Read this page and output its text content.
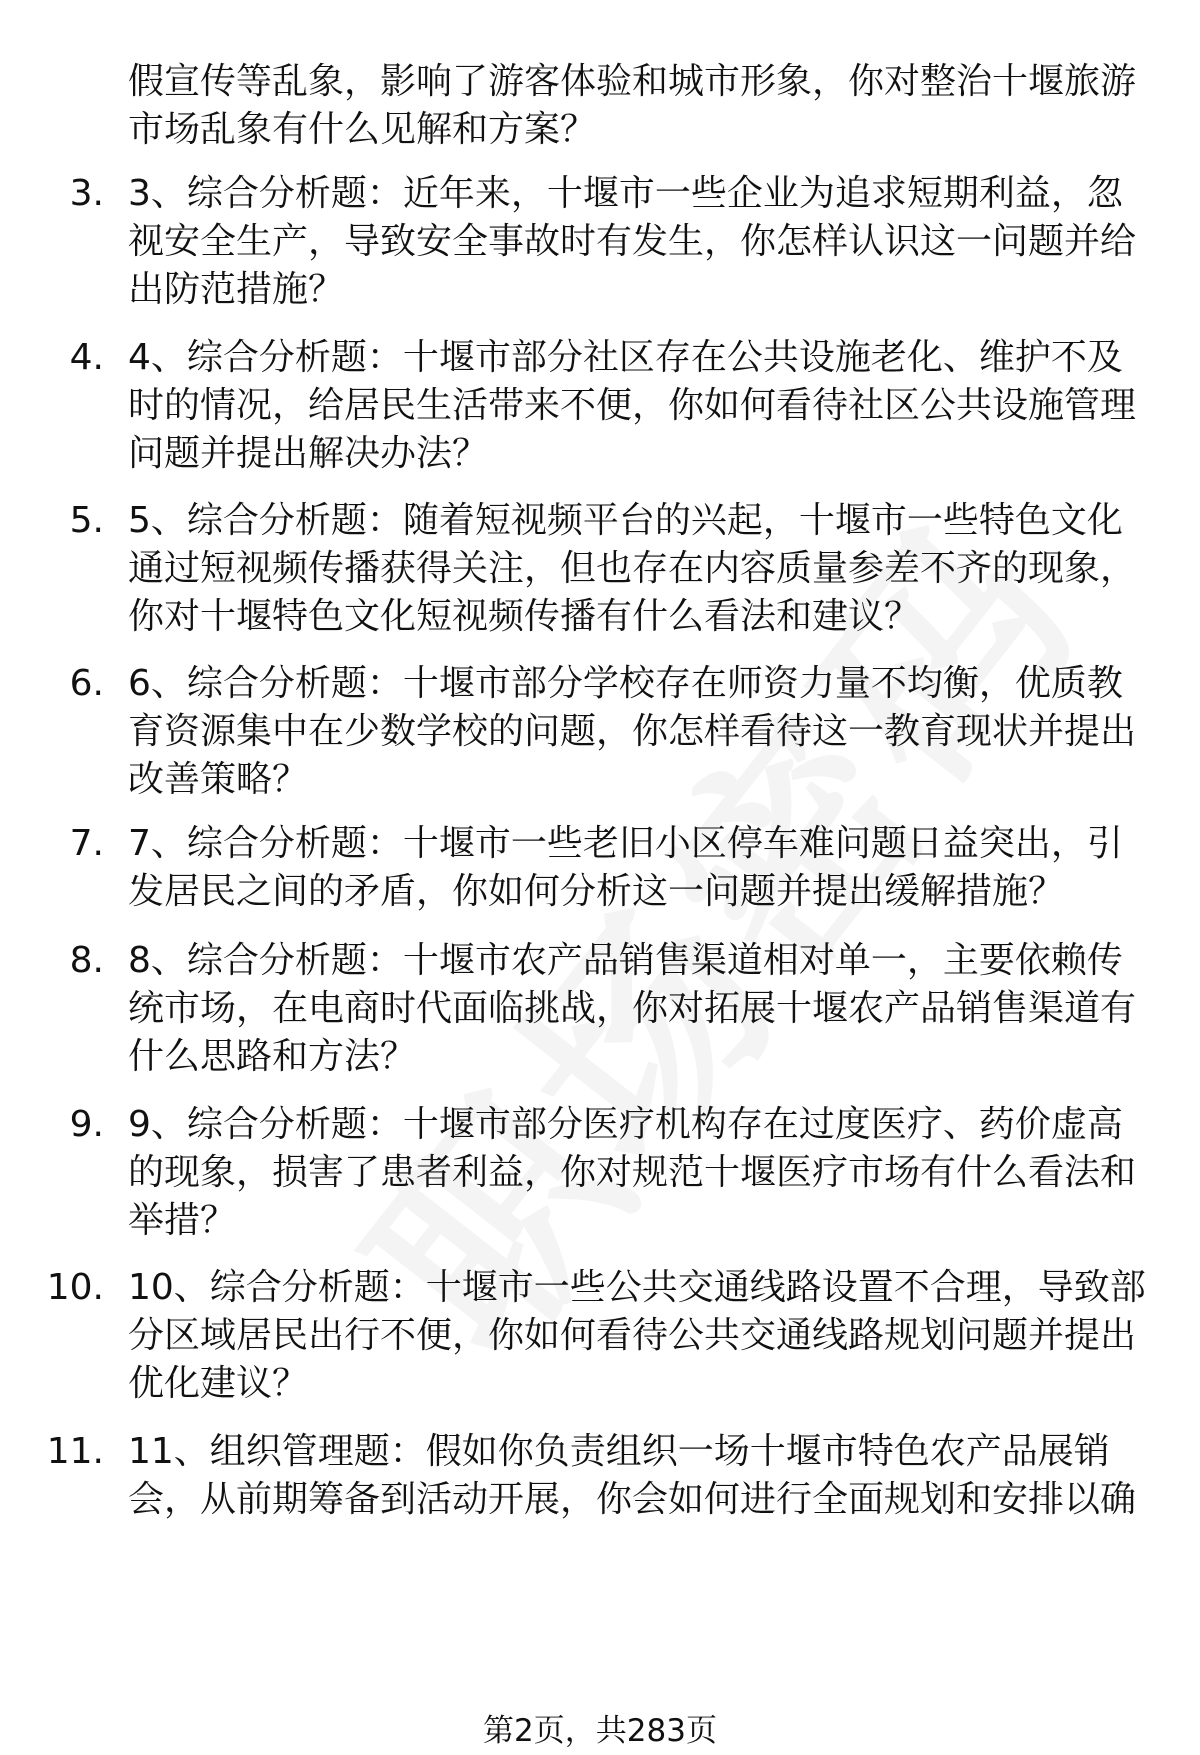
假宣传等乱象，影响了游客体验和城市形象，你对整治十堰旅游市场乱象有什么见解和方案？

3. 3、综合分析题：近年来，十堰市一些企业为追求短期利益，忽视安全生产，导致安全事故时有发生，你怎样认识这一问题并给出防范措施？

4. 4、综合分析题：十堰市部分社区存在公共设施老化、维护不及时的情况，给居民生活带来不便，你如何看待社区公共设施管理问题并提出解决办法？

5. 5、综合分析题：随着短视频平台的兴起，十堰市一些特色文化通过短视频传播获得关注，但也存在内容质量参差不齐的现象，你对十堰特色文化短视频传播有什么看法和建议？

6. 6、综合分析题：十堰市部分学校存在师资力量不均衡，优质教育资源集中在少数学校的问题，你怎样看待这一教育现状并提出改善策略？

7. 7、综合分析题：十堰市一些老旧小区停车难问题日益突出，引发居民之间的矛盾，你如何分析这一问题并提出缓解措施？

8. 8、综合分析题：十堰市农产品销售渠道相对单一，主要依赖传统市场，在电商时代面临挑战，你对拓展十堰农产品销售渠道有什么思路和方法？

9. 9、综合分析题：十堰市部分医疗机构存在过度医疗、药价虚高的现象，损害了患者利益，你对规范十堰医疗市场有什么看法和举措？

10. 10、综合分析题：十堰市一些公共交通线路设置不合理，导致部分区域居民出行不便，你如何看待公共交通线路规划问题并提出优化建议？

11. 11、组织管理题：假如你负责组织一场十堰市特色农产品展销会，从前期筹备到活动开展，你会如何进行全面规划和安排以确

第2页，共283页
